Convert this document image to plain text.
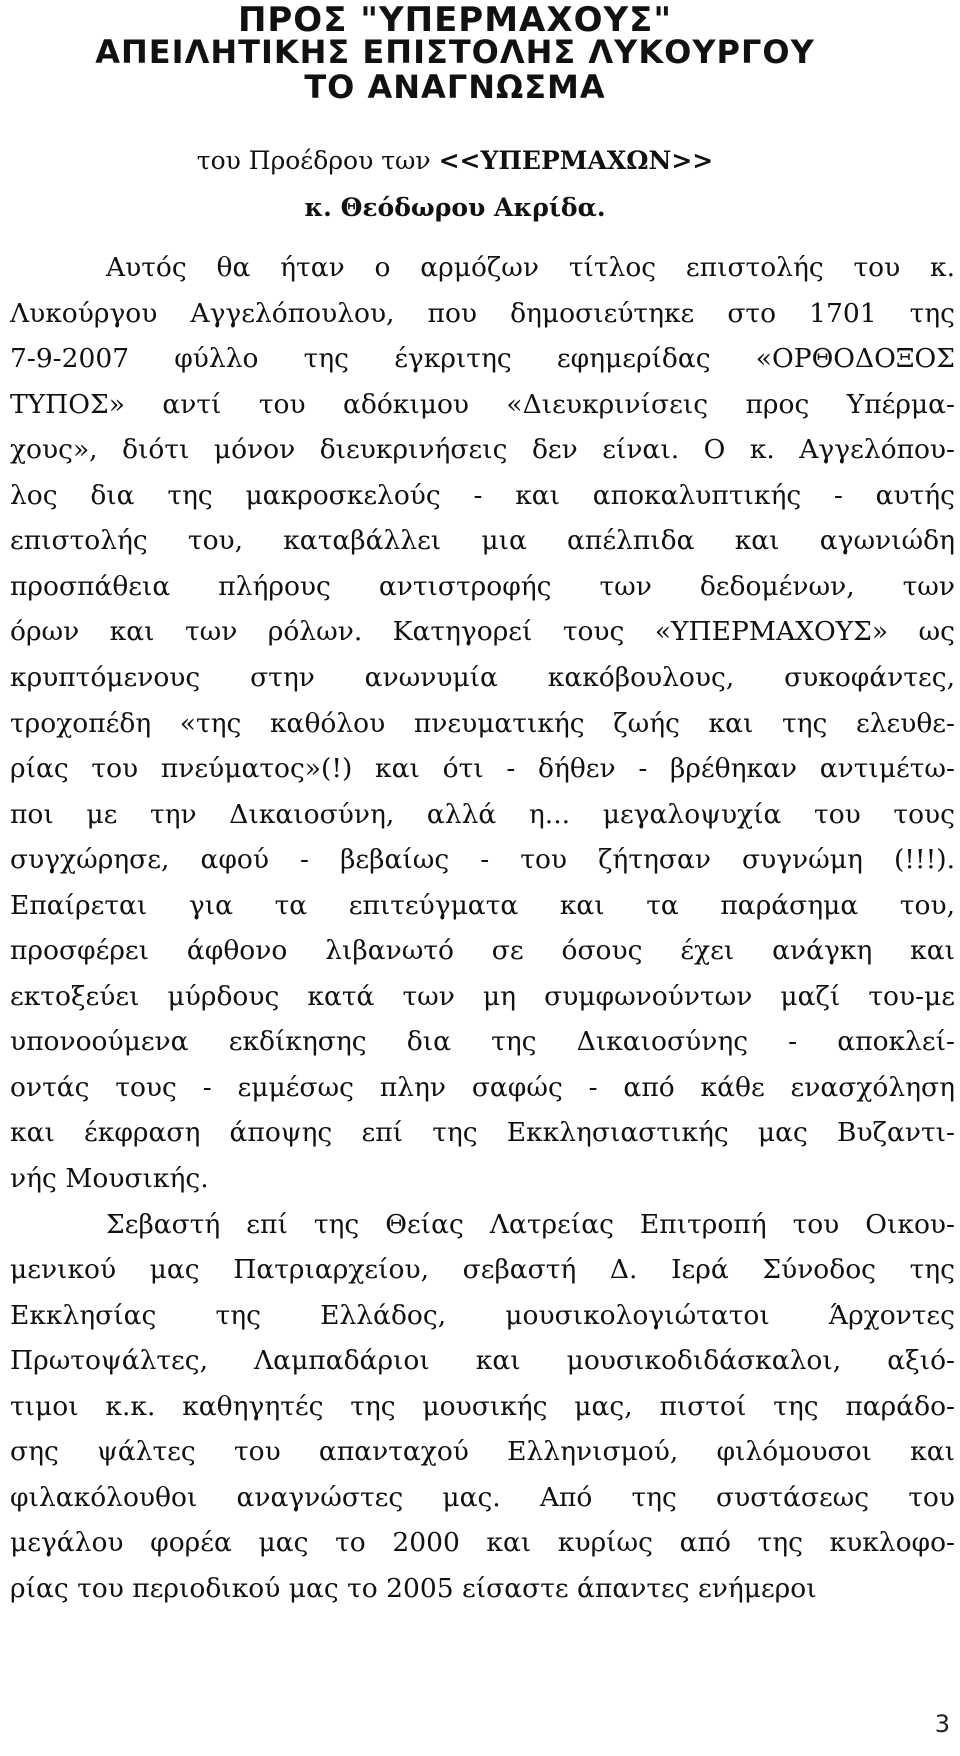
ΠΡΟΣ "ΥΠΕΡΜΑΧΟΥΣ"
ΑΠΕΙΛΗΤΙΚΗΣ ΕΠΙΣΤΟΛΗΣ ΛΥΚΟΥΡΓΟΥ
ΤΟ ΑΝΑΓΝΩΣΜΑ
του Προέδρου των <<ΥΠΕΡΜΑΧΩΝ>>
κ. Θεόδωρου Ακρίδα.
Αυτός θα ήταν ο αρμόζων τίτλος επιστολής του κ.
Λυκούργου Αγγελόπουλου, που δημοσιεύτηκε στο 1701 της
7-9-2007 φύλλο της έγκριτης εφημερίδας «ΟΡΘΟΔΟΞΟΣ
ΤΥΠΟΣ» αντί του αδόκιμου «Διευκρινίσεις προς Υπέρμα-
χους», διότι μόνον διευκρινήσεις δεν είναι. Ο κ. Αγγελόπου-
λος δια της μακροσκελούς - και αποκαλυπτικής - αυτής
επιστολής του, καταβάλλει μια απέλπιδα και αγωνιώδη
προσπάθεια πλήρους αντιστροφής των δεδομένων, των
όρων και των ρόλων. Κατηγορεί τους «ΥΠΕΡΜΑΧΟΥΣ» ως
κρυπτόμενους στην ανωνυμία κακόβουλους, συκοφάντες,
τροχοπέδη «της καθόλου πνευματικής ζωής και της ελευθε-
ρίας του πνεύματος»(!) και ότι - δήθεν - βρέθηκαν αντιμέτω-
ποι με την Δικαιοσύνη, αλλά η... μεγαλοψυχία του τους
συγχώρησε, αφού - βεβαίως - του ζήτησαν συγνώμη (!!!).
Επαίρεται για τα επιτεύγματα και τα παράσημα του,
προσφέρει άφθονο λιβανωτό σε όσους έχει ανάγκη και
εκτοξεύει μύρδους κατά των μη συμφωνούντων μαζί του-με
υπονοούμενα εκδίκησης δια της Δικαιοσύνης - αποκλεί-
οντάς τους - εμμέσως πλην σαφώς - από κάθε ενασχόληση
και έκφραση άποψης επί της Εκκλησιαστικής μας Βυζαντι-
νής Μουσικής.
Σεβαστή επί της Θείας Λατρείας Επιτροπή του Οικου-
μενικού μας Πατριαρχείου, σεβαστή Δ. Ιερά Σύνοδος της
Εκκλησίας της Ελλάδος, μουσικολογιώτατοι Άρχοντες
Πρωτοψάλτες, Λαμπαδάριοι και μουσικοδιδάσκαλοι, αξιό-
τιμοι κ.κ. καθηγητές της μουσικής μας, πιστοί της παράδο-
σης ψάλτες του απανταχού Ελληνισμού, φιλόμουσοι και
φιλακόλουθοι αναγνώστες μας. Από της συστάσεως του
μεγάλου φορέα μας το 2000 και κυρίως από της κυκλοφο-
ρίας του περιοδικού μας το 2005 είσαστε άπαντες ενήμεροι
3
